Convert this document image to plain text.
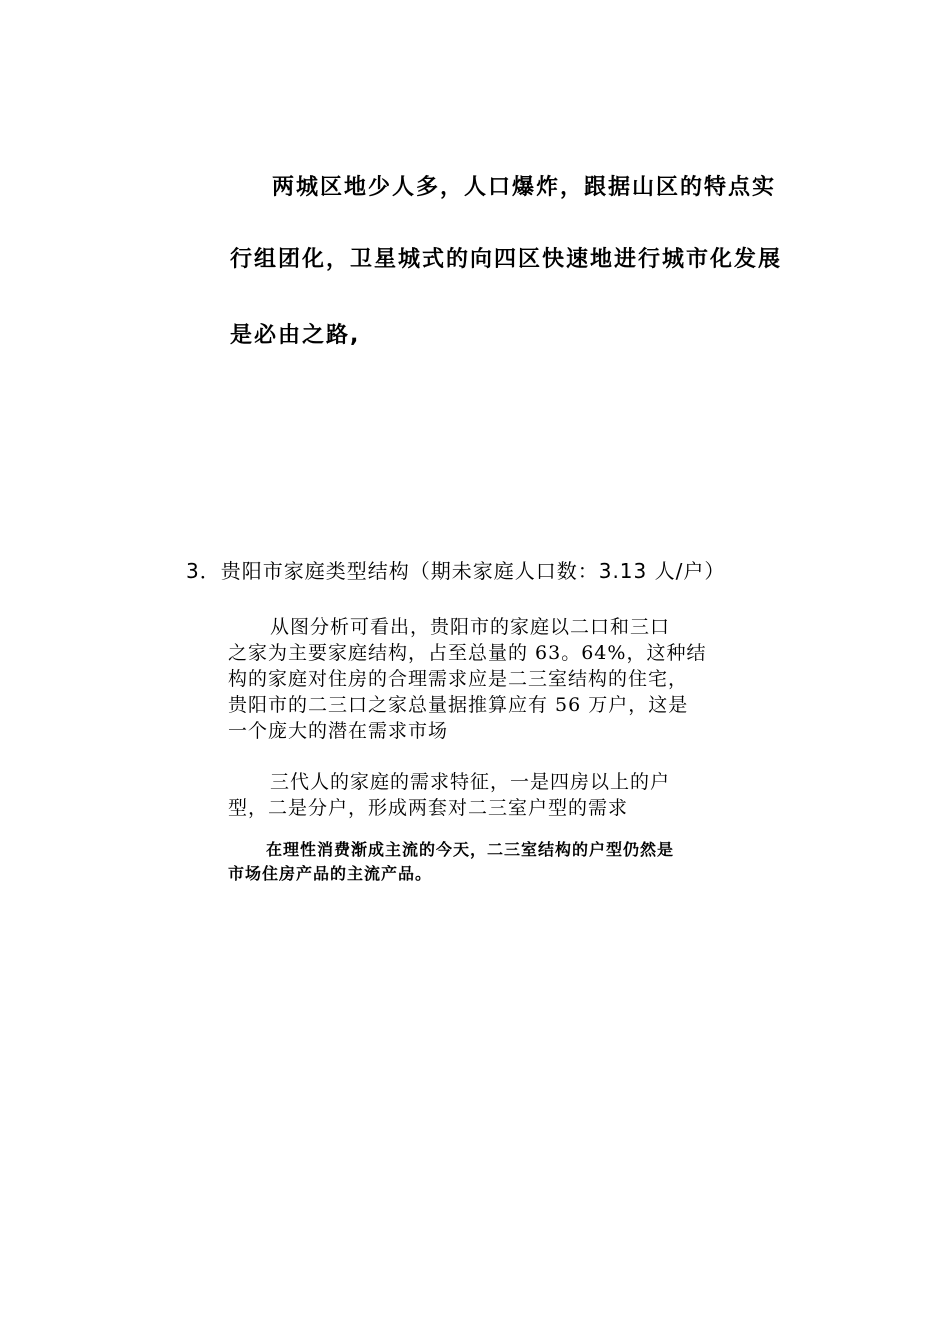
两城区地少人多，人口爆炸，跟据山区的特点实

行组团化，卫星城式的向四区快速地进行城市化发展

是必由之路,

3．贵阳市家庭类型结构（期未家庭人口数：3.13 人/户）

从图分析可看出，贵阳市的家庭以二口和三口

之家为主要家庭结构，占至总量的 63。64%，这种结

构的家庭对住房的合理需求应是二三室结构的住宅，

贵阳市的二三口之家总量据推算应有 56 万户，这是

一个庞大的潜在需求市场

三代人的家庭的需求特征，一是四房以上的户

型，二是分户，形成两套对二三室户型的需求

在理性消费渐成主流的今天，二三室结构的户型仍然是

市场住房产品的主流产品。
